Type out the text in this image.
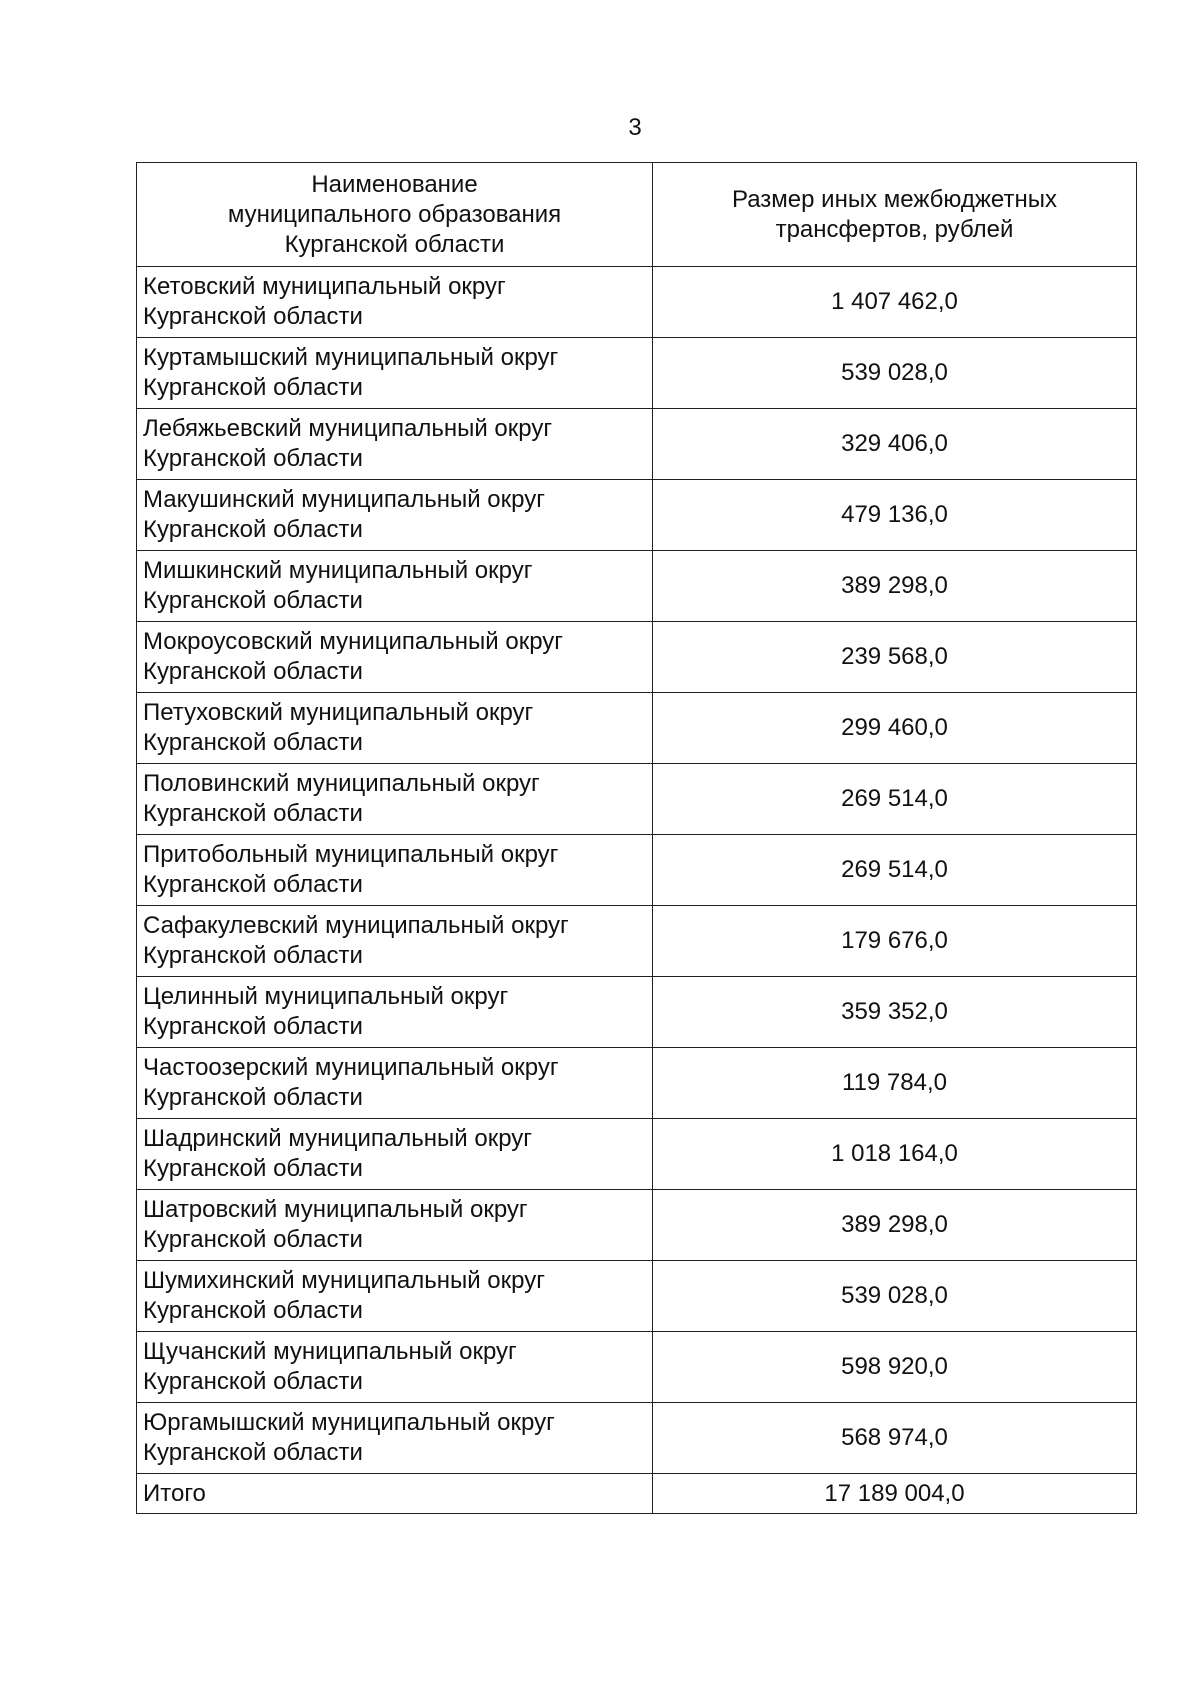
3
Наименование
муниципального образования
Курганской области	Размер иных межбюджетных
трансфертов, рублей

Кетовский муниципальный округ
Курганской области	1 407 462,0

Куртамышский муниципальный округ
Курганской области	539 028,0

Лебяжьевский муниципальный округ
Курганской области	329 406,0

Макушинский муниципальный округ
Курганской области	479 136,0

Мишкинский муниципальный округ
Курганской области	389 298,0

Мокроусовский муниципальный округ
Курганской области	239 568,0

Петуховский муниципальный округ
Курганской области	299 460,0

Половинский муниципальный округ
Курганской области	269 514,0

Притобольный муниципальный округ
Курганской области	269 514,0

Сафакулевский муниципальный округ
Курганской области	179 676,0

Целинный муниципальный округ
Курганской области	359 352,0

Частоозерский муниципальный округ
Курганской области	119 784,0

Шадринский муниципальный округ
Курганской области	1 018 164,0

Шатровский муниципальный округ
Курганской области	389 298,0

Шумихинский муниципальный округ
Курганской области	539 028,0

Щучанский муниципальный округ
Курганской области	598 920,0

Юргамышский муниципальный округ
Курганской области	568 974,0

Итого	17 189 004,0
